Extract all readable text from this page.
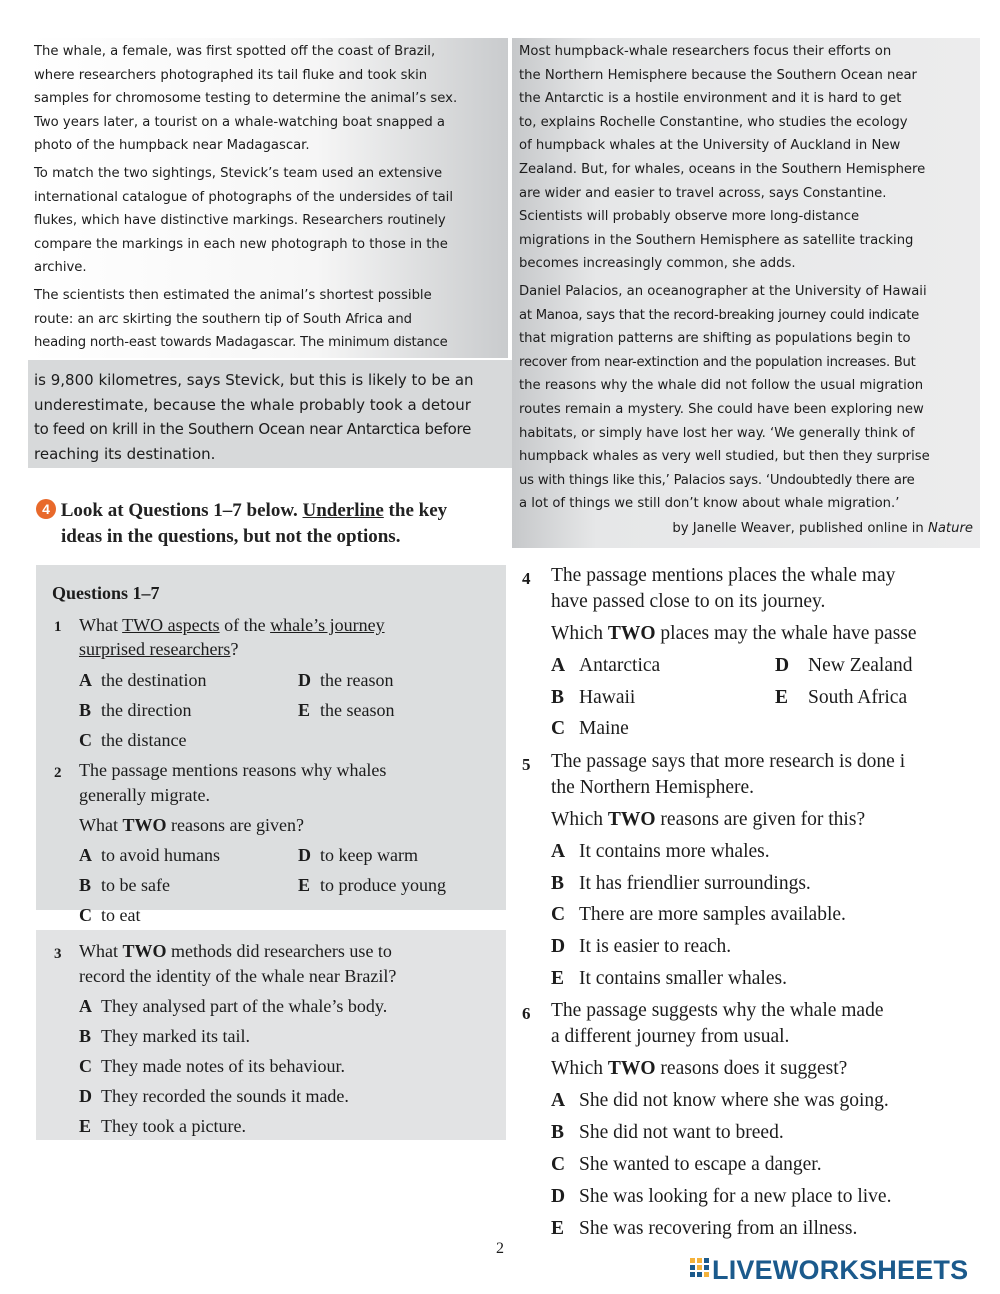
The whale, a female, was first spotted off the coast of Brazil,

where researchers photographed its tail fluke and took skin

samples for chromosome testing to determine the animal’s sex.

Two years later, a tourist on a whale-watching boat snapped a

photo of the humpback near Madagascar.

To match the two sightings, Stevick’s team used an extensive

international catalogue of photographs of the undersides of tail

flukes, which have distinctive markings. Researchers routinely

compare the markings in each new photograph to those in the

archive.

The scientists then estimated the animal’s shortest possible

route: an arc skirting the southern tip of South Africa and

heading north-east towards Madagascar. The minimum distance

is 9,800 kilometres, says Stevick, but this is likely to be an

underestimate, because the whale probably took a detour

to feed on krill in the Southern Ocean near Antarctica before

reaching its destination.

Most humpback-whale researchers focus their efforts on

the Northern Hemisphere because the Southern Ocean near

the Antarctic is a hostile environment and it is hard to get

to, explains Rochelle Constantine, who studies the ecology

of humpback whales at the University of Auckland in New

Zealand. But, for whales, oceans in the Southern Hemisphere

are wider and easier to travel across, says Constantine.

Scientists will probably observe more long-distance

migrations in the Southern Hemisphere as satellite tracking

becomes increasingly common, she adds.

Daniel Palacios, an oceanographer at the University of Hawaii

at Manoa, says that the record-breaking journey could indicate

that migration patterns are shifting as populations begin to

recover from near-extinction and the population increases. But

the reasons why the whale did not follow the usual migration

routes remain a mystery. She could have been exploring new

habitats, or simply have lost her way. ‘We generally think of

humpback whales as very well studied, but then they surprise

us with things like this,’ Palacios says. ‘Undoubtedly there are

a lot of things we still don’t know about whale migration.’

by Janelle Weaver, published online in Nature
4 Look at Questions 1–7 below. Underline the key
ideas in the questions, but not the options.
Questions 1–7
1 What TWO aspects of the whale’s journey
surprised researchers?
A the destination	D the reason
B the direction	E the season
C the distance
2 The passage mentions reasons why whales
generally migrate.
What TWO reasons are given?
A to avoid humans	D to keep warm
B to be safe	E to produce young
C to eat
3 What TWO methods did researchers use to
record the identity of the whale near Brazil?
A They analysed part of the whale’s body.
B They marked its tail.
C They made notes of its behaviour.
D They recorded the sounds it made.
E They took a picture.
4 The passage mentions places the whale may
have passed close to on its journey.
Which TWO places may the whale have passe
A Antarctica	D New Zealand
B Hawaii	E South Africa
C Maine
5 The passage says that more research is done i
the Northern Hemisphere.
Which TWO reasons are given for this?
A It contains more whales.
B It has friendlier surroundings.
C There are more samples available.
D It is easier to reach.
E It contains smaller whales.
6 The passage suggests why the whale made
a different journey from usual.
Which TWO reasons does it suggest?
A She did not know where she was going.
B She did not want to breed.
C She wanted to escape a danger.
D She was looking for a new place to live.
E She was recovering from an illness.
2
LIVEWORKSHEETS
